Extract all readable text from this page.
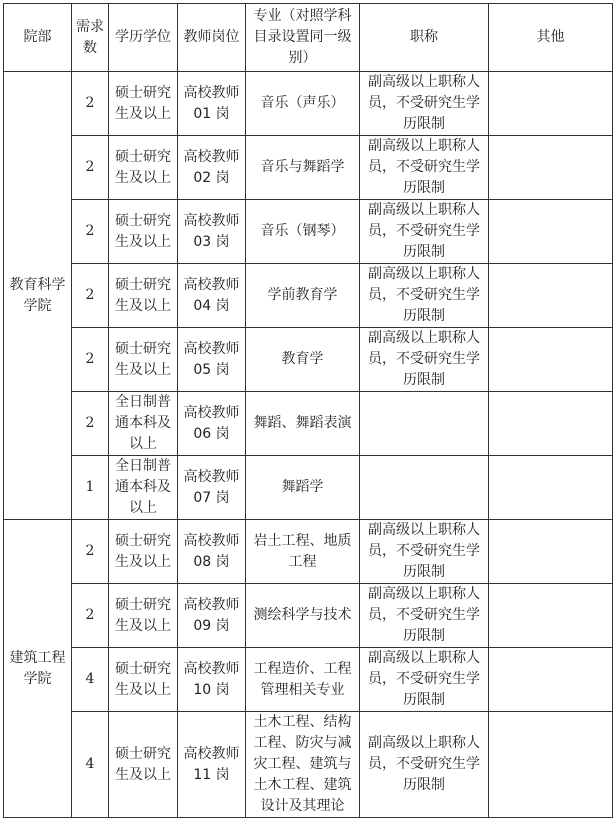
院部	需求数	学历学位	教师岗位	专业（对照学科目录设置同一级别）	职称	其他
教育科学学院	2	硕士研究生及以上	高校教师 01 岗	音乐（声乐）	副高级以上职称人员，不受研究生学历限制	
	2	硕士研究生及以上	高校教师 02 岗	音乐与舞蹈学	副高级以上职称人员，不受研究生学历限制	
	2	硕士研究生及以上	高校教师 03 岗	音乐（钢琴）	副高级以上职称人员，不受研究生学历限制	
	2	硕士研究生及以上	高校教师 04 岗	学前教育学	副高级以上职称人员，不受研究生学历限制	
	2	硕士研究生及以上	高校教师 05 岗	教育学	副高级以上职称人员，不受研究生学历限制	
	2	全日制普通本科及以上	高校教师 06 岗	舞蹈、舞蹈表演		
	1	全日制普通本科及以上	高校教师 07 岗	舞蹈学		
建筑工程学院	2	硕士研究生及以上	高校教师 08 岗	岩土工程、地质工程	副高级以上职称人员，不受研究生学历限制	
	2	硕士研究生及以上	高校教师 09 岗	测绘科学与技术	副高级以上职称人员，不受研究生学历限制	
	4	硕士研究生及以上	高校教师 10 岗	工程造价、工程管理相关专业	副高级以上职称人员，不受研究生学历限制	
	4	硕士研究生及以上	高校教师 11 岗	土木工程、结构工程、防灾与减灾工程、建筑与土木工程、建筑设计及其理论	副高级以上职称人员，不受研究生学历限制	
